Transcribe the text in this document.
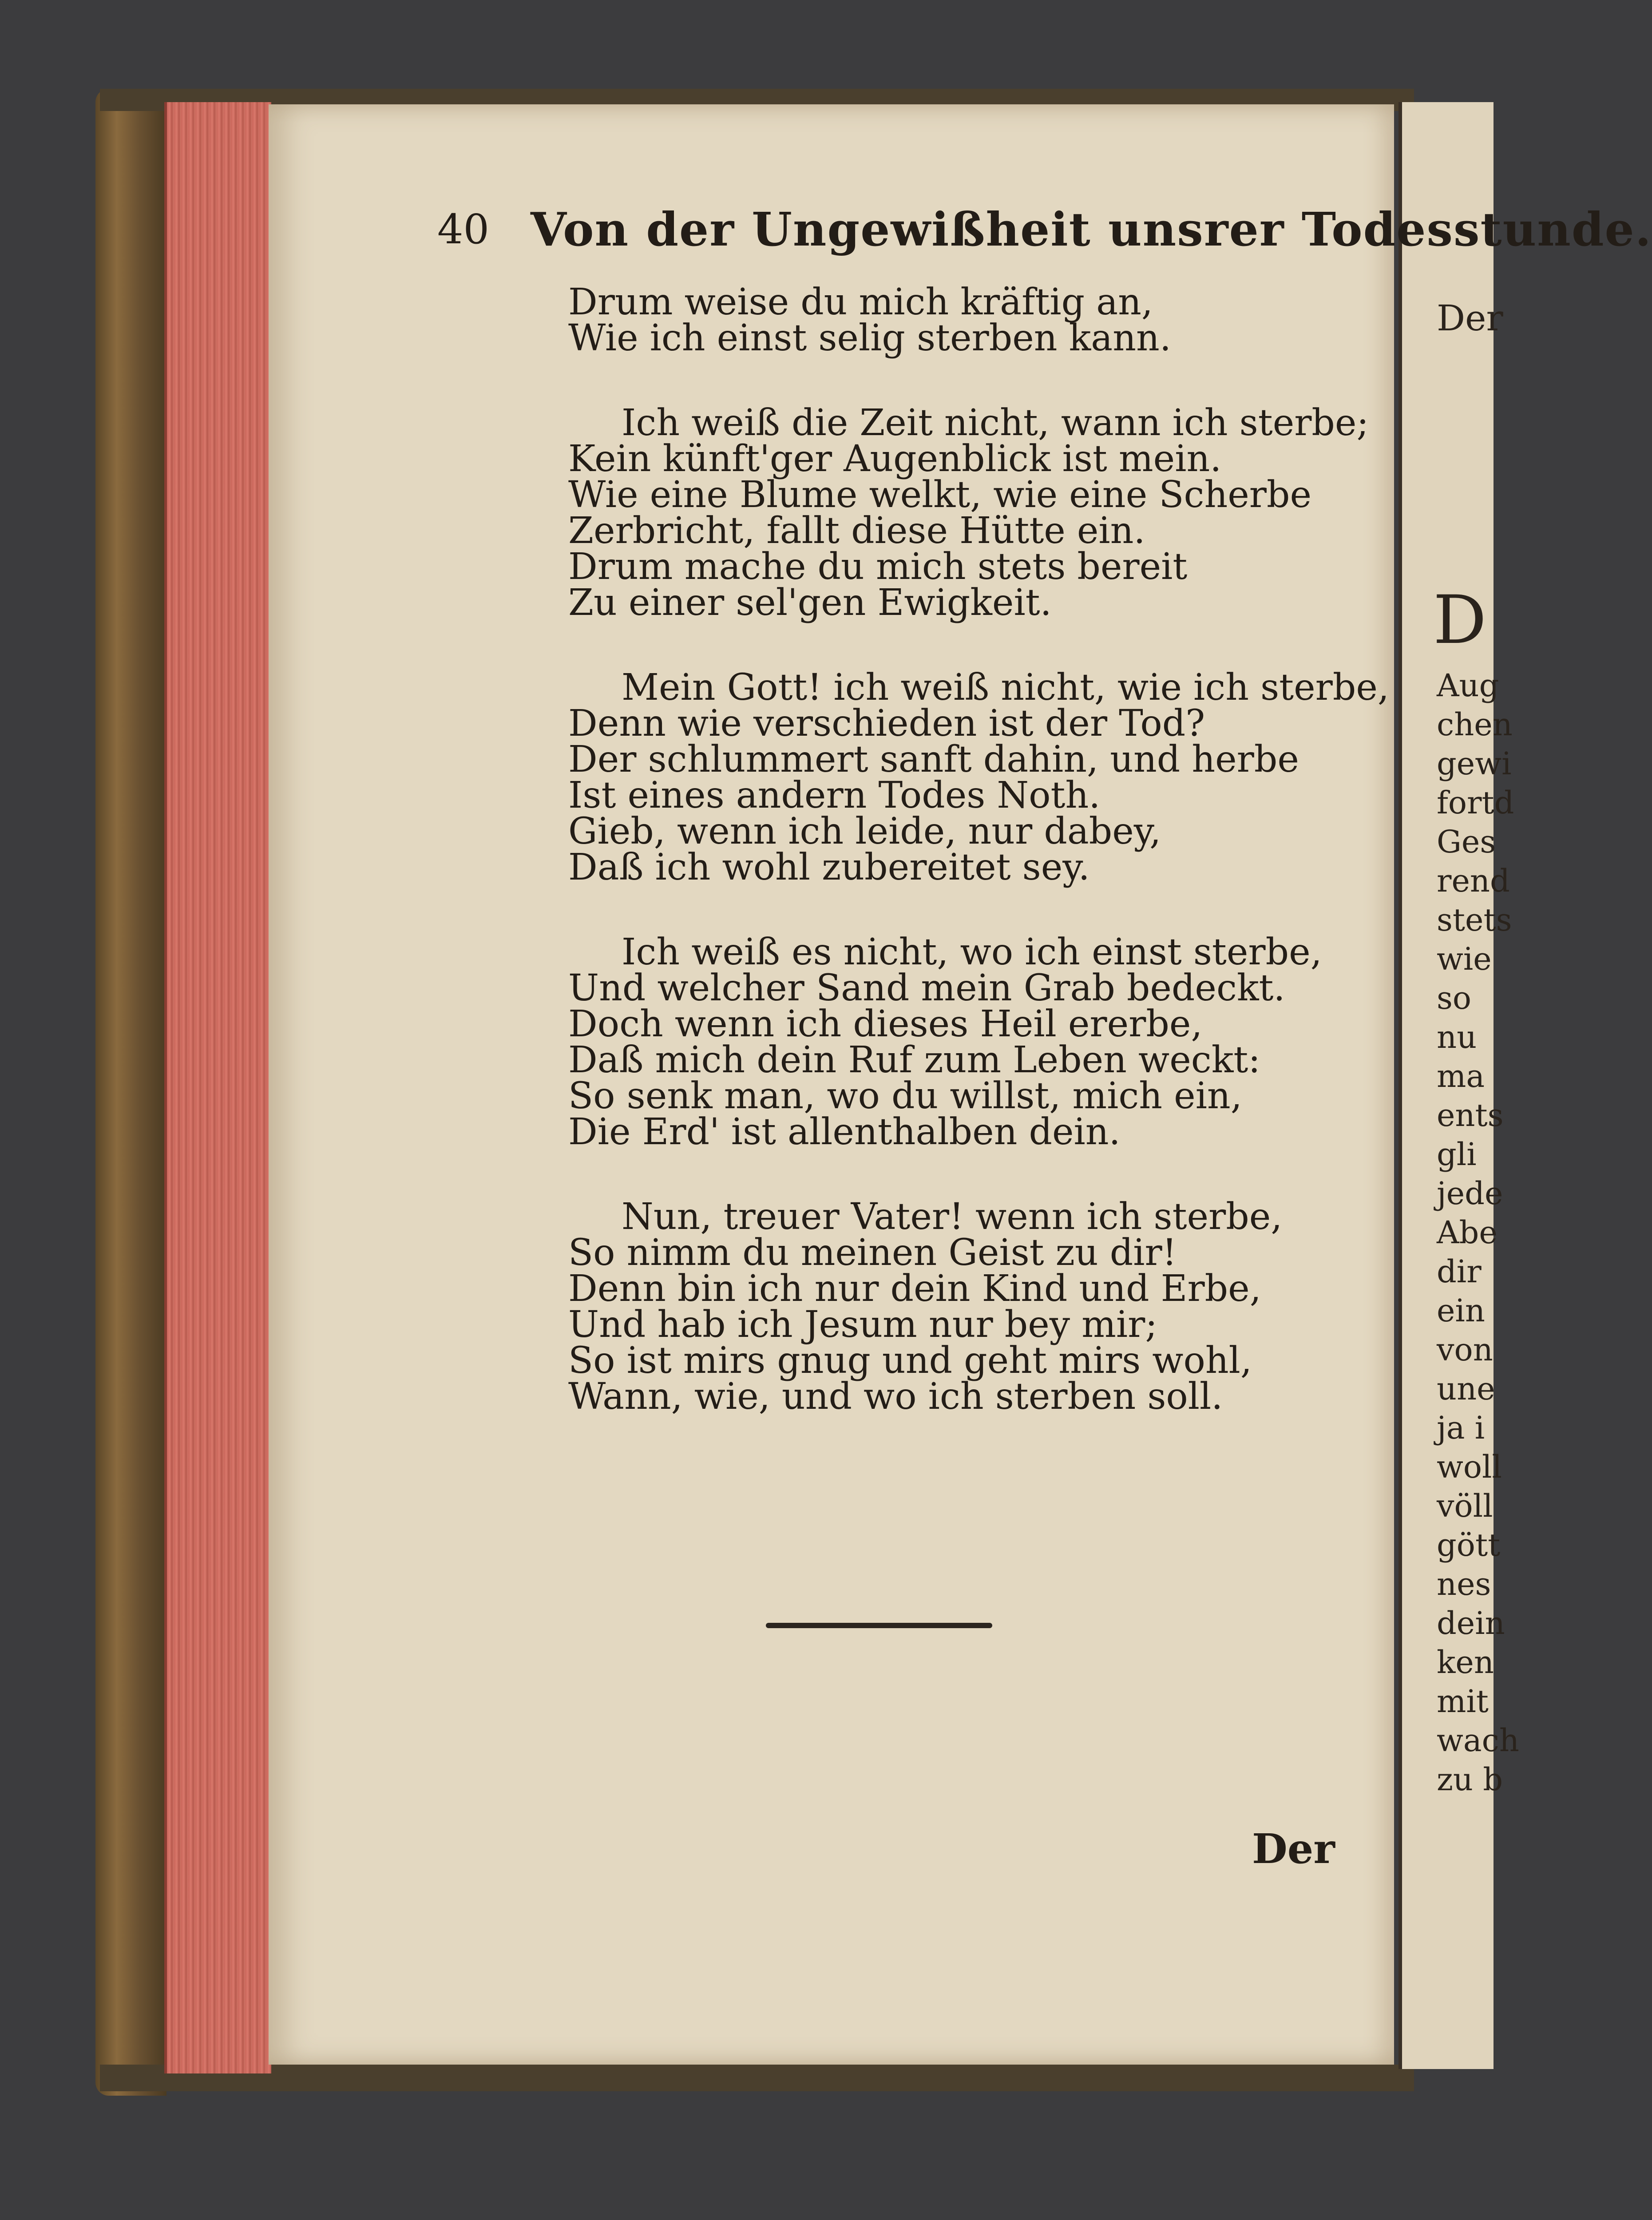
Der
D
Aug
chen
gewi
fortd
Ges
rend
stets
wie
so
nu
ma
ents
gli
jede
Abe
dir
ein
von
une
ja i
woll
völl
gött
nes
dein
ken
mit
wach
zu b
40 Von der Ungewißheit unsrer Todesstunde.
Drum weise du mich kräftig an,
Wie ich einst selig sterben kann.
Ich weiß die Zeit nicht, wann ich sterbe;
Kein künft'ger Augenblick ist mein.
Wie eine Blume welkt, wie eine Scherbe
Zerbricht, fallt diese Hütte ein.
Drum mache du mich stets bereit
Zu einer sel'gen Ewigkeit.
Mein Gott! ich weiß nicht, wie ich sterbe,
Denn wie verschieden ist der Tod?
Der schlummert sanft dahin, und herbe
Ist eines andern Todes Noth.
Gieb, wenn ich leide, nur dabey,
Daß ich wohl zubereitet sey.
Ich weiß es nicht, wo ich einst sterbe,
Und welcher Sand mein Grab bedeckt.
Doch wenn ich dieses Heil ererbe,
Daß mich dein Ruf zum Leben weckt:
So senk man, wo du willst, mich ein,
Die Erd' ist allenthalben dein.
Nun, treuer Vater! wenn ich sterbe,
So nimm du meinen Geist zu dir!
Denn bin ich nur dein Kind und Erbe,
Und hab ich Jesum nur bey mir;
So ist mirs gnug und geht mirs wohl,
Wann, wie, und wo ich sterben soll.
Der
